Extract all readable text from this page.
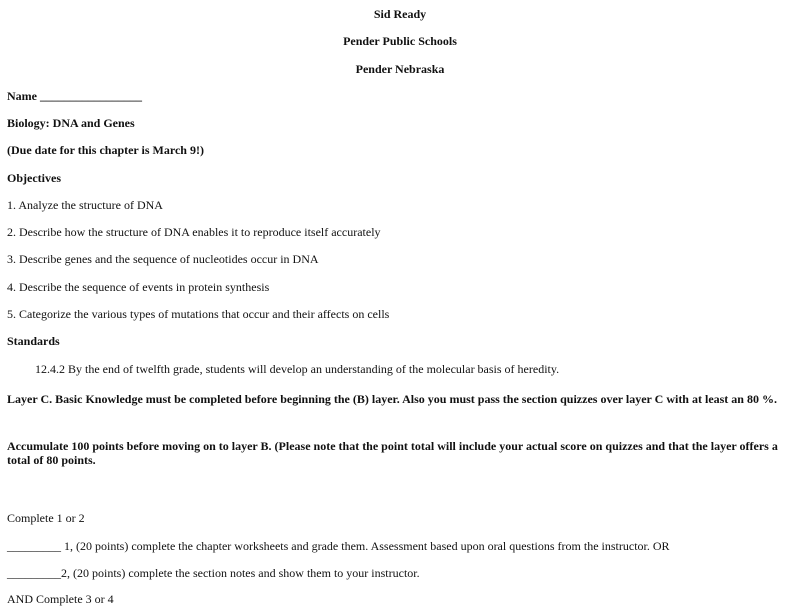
Sid Ready
Pender Public Schools
Pender Nebraska
Name _________________
Biology: DNA and Genes
(Due date for this chapter is March 9!)
Objectives
1. Analyze the structure of DNA
2. Describe how the structure of DNA enables it to reproduce itself accurately
3. Describe genes and the sequence of nucleotides occur in DNA
4. Describe the sequence of events in protein synthesis
5. Categorize the various types of mutations that occur and their affects on cells
Standards
12.4.2 By the end of twelfth grade, students will develop an understanding of the molecular basis of heredity.
Layer C. Basic Knowledge must be completed before beginning the (B) layer. Also you must pass the section quizzes over layer C with at least an 80 %.
Accumulate 100 points before moving on to layer B. (Please note that the point total will include your actual score on quizzes and that the layer offers a total of 80 points.
Complete 1 or 2
_________ 1, (20 points) complete the chapter worksheets and grade them. Assessment based upon oral questions from the instructor. OR
_________2, (20 points) complete the section notes and show them to your instructor.
AND Complete 3 or 4
